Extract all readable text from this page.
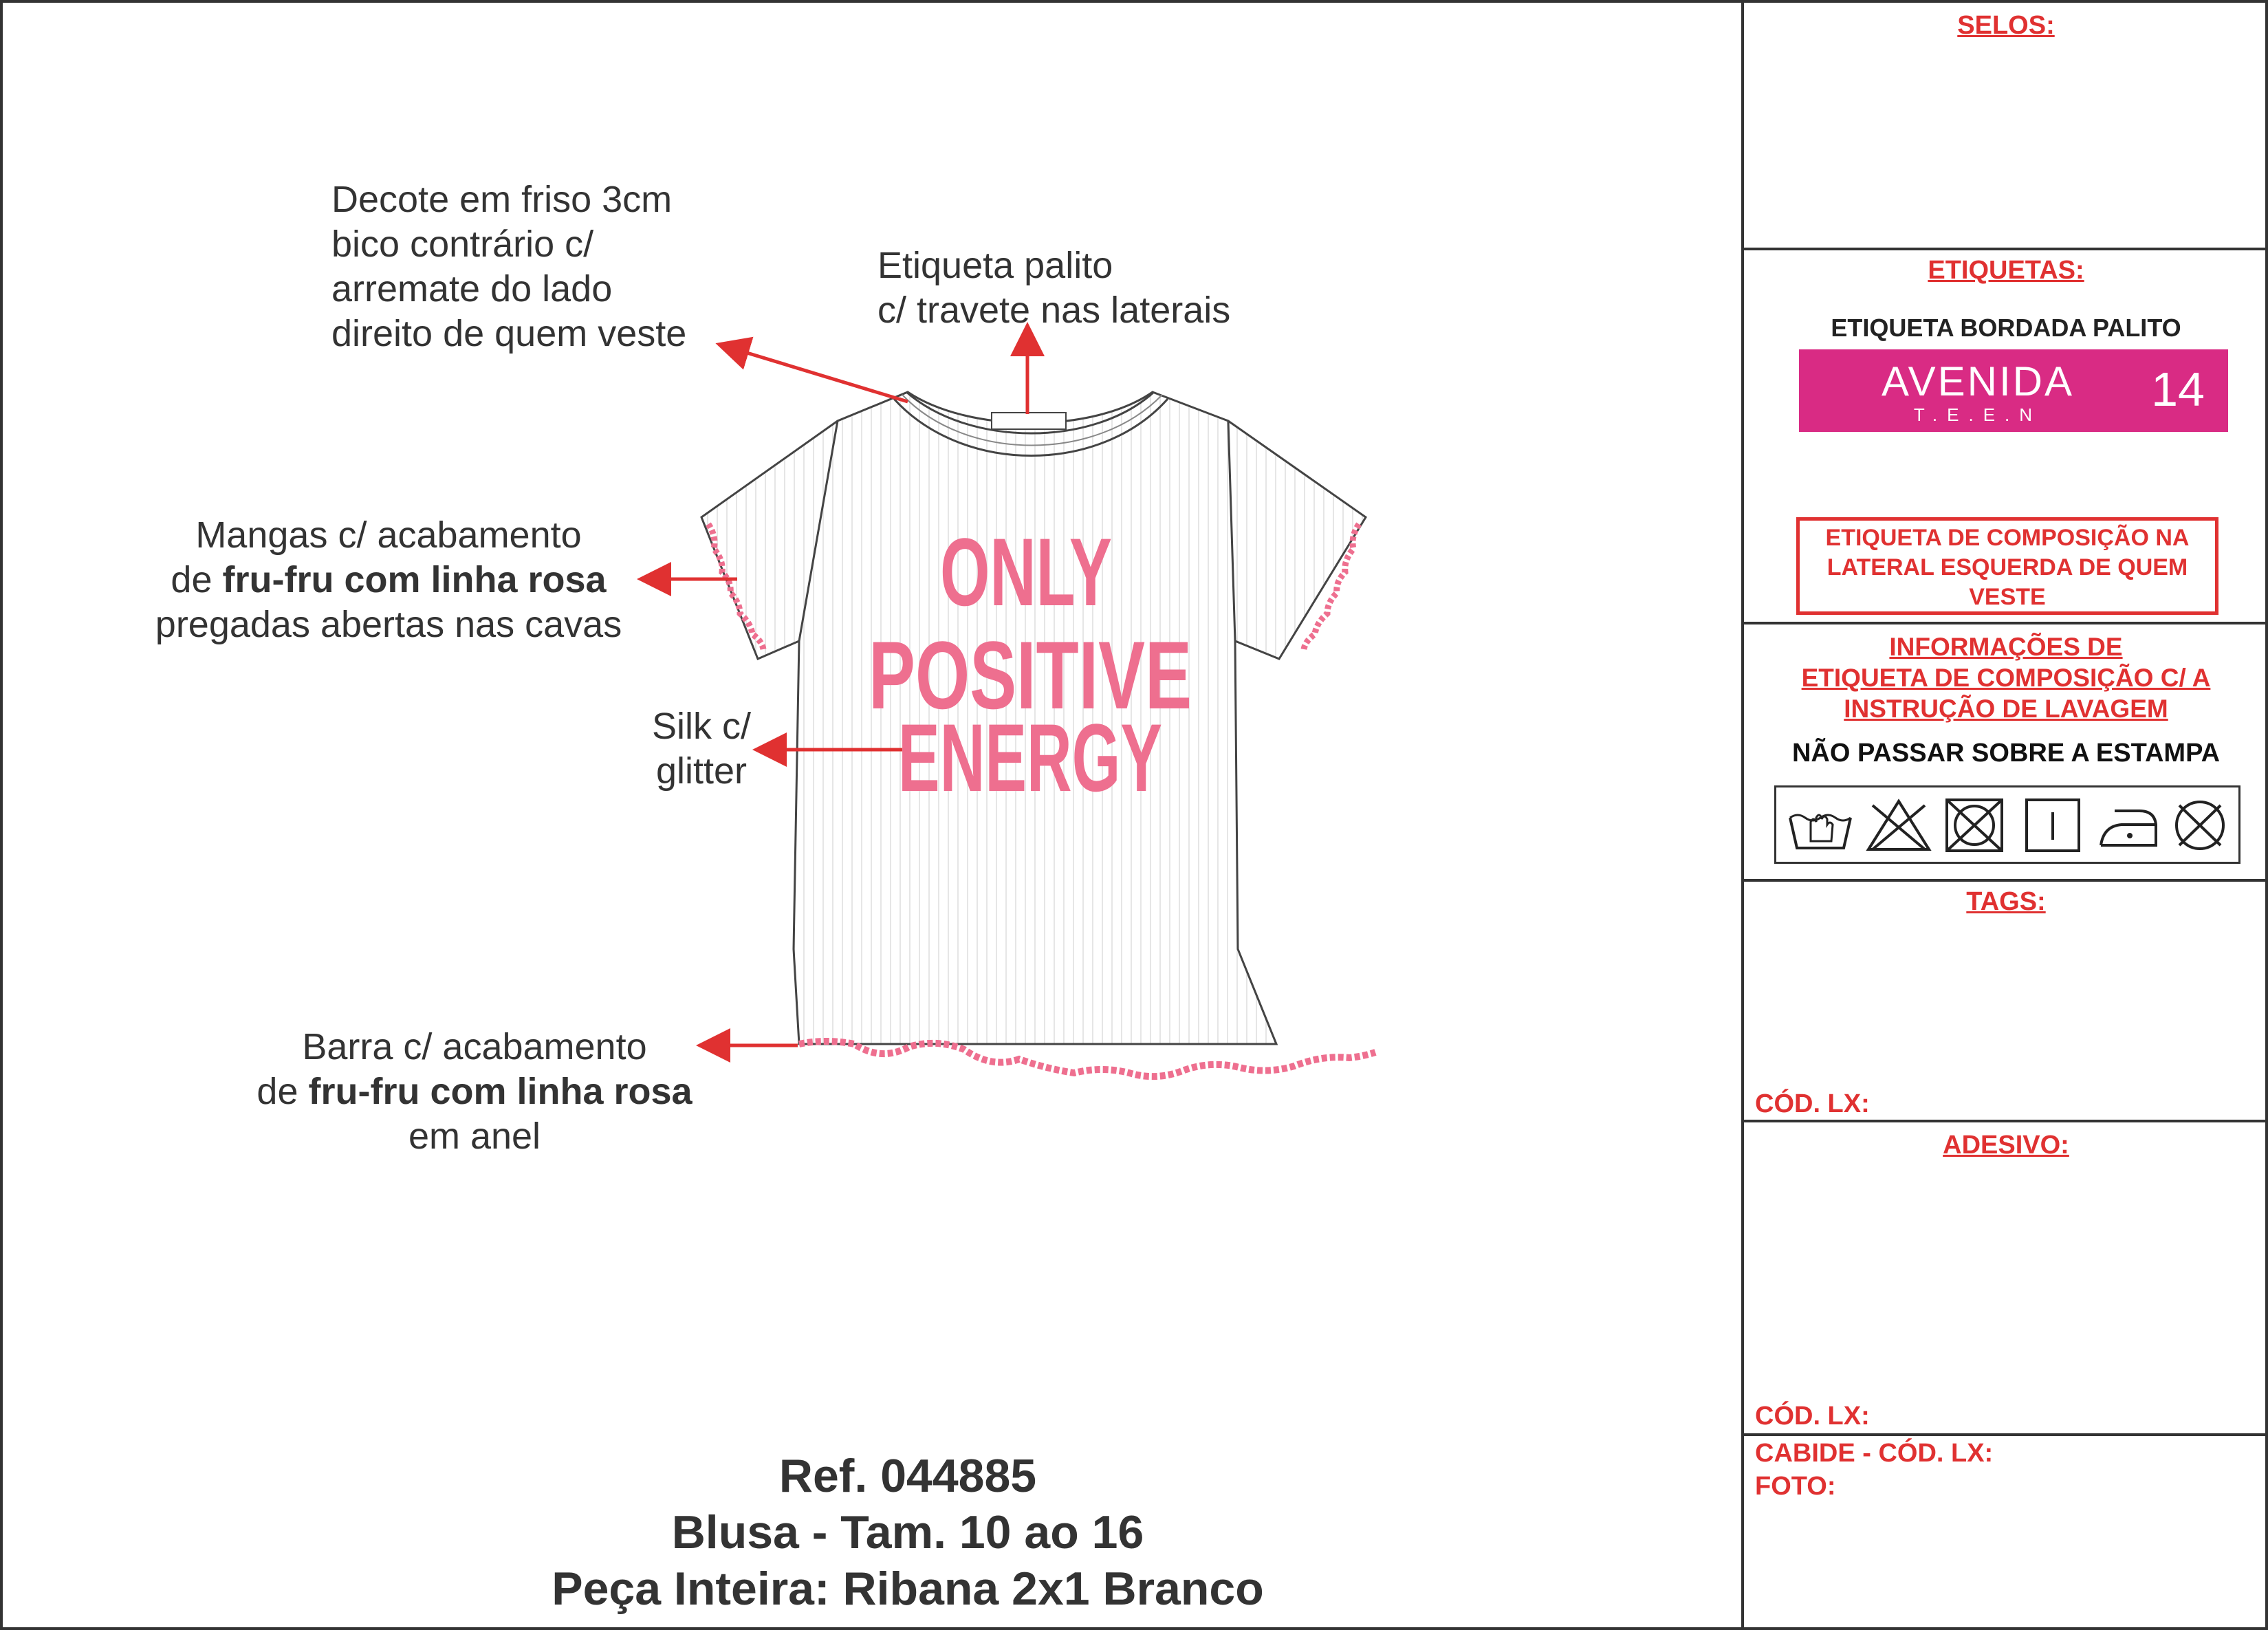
ONLY
POSITIVE
ENERGY
Decote em friso 3cm
bico contrário c/
arremate do lado
direito de quem veste
Etiqueta palito
c/ travete nas laterais
Mangas c/ acabamento
de fru-fru com linha rosa
pregadas abertas nas cavas
Silk c/
glitter
Barra c/ acabamento
de fru-fru com linha rosa
em anel
Ref. 044885
Blusa - Tam. 10 ao 16
Peça Inteira: Ribana 2x1 Branco
SELOS:
ETIQUETAS:
ETIQUETA BORDADA PALITO
AVENIDA
T.E.E.N	14
ETIQUETA DE COMPOSIÇÃO NA LATERAL ESQUERDA DE QUEM VESTE
INFORMAÇÕES DE
ETIQUETA DE COMPOSIÇÃO C/ A
INSTRUÇÃO DE LAVAGEM
NÃO PASSAR SOBRE A ESTAMPA
TAGS:
CÓD. LX:
ADESIVO:
CÓD. LX:
CABIDE - CÓD. LX:
FOTO:
